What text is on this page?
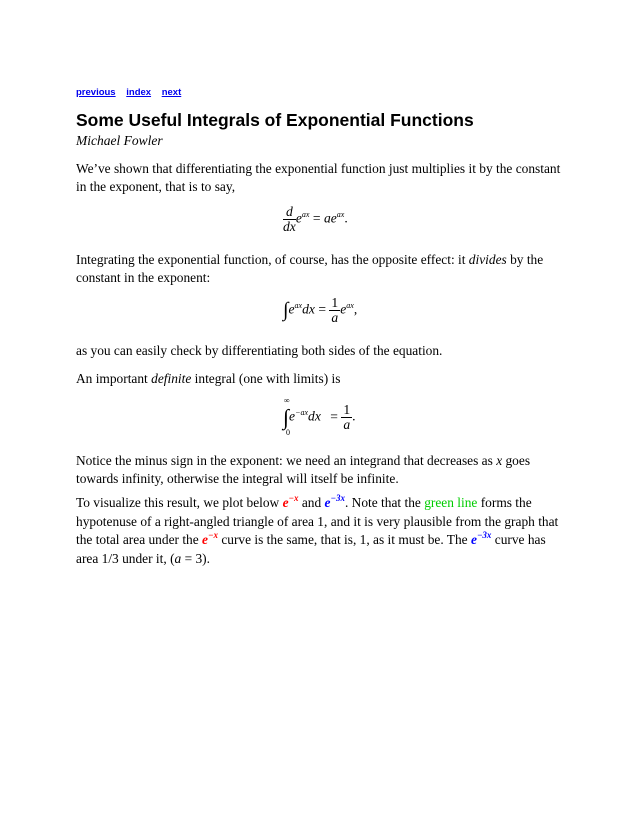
previous index next
Some Useful Integrals of Exponential Functions
Michael Fowler
We’ve shown that differentiating the exponential function just multiplies it by the constant in the exponent, that is to say,
$\frac{d}{dx} e^{ax} = ae^{ax}$.
Integrating the exponential function, of course, has the opposite effect: it divides by the constant in the exponent:
$\int e^{ax}dx = \frac{1}{a} e^{ax}$,
as you can easily check by differentiating both sides of the equation.
An important definite integral (one with limits) is
∞
$\int e^{-ax}dx = \frac{1}{a}$ .
0
Notice the minus sign in the exponent: we need an integrand that decreases as x goes towards infinity, otherwise the integral will itself be infinite.
To visualize this result, we plot below $e^{-x}$ and $e^{-3x}$. Note that the green line forms the hypotenuse of a right-angled triangle of area 1, and it is very plausible from the graph that the total area under the $e^{-x}$ curve is the same, that is, 1, as it must be. The $e^{-3x}$ curve has area 1/3 under it, (a = 3).
